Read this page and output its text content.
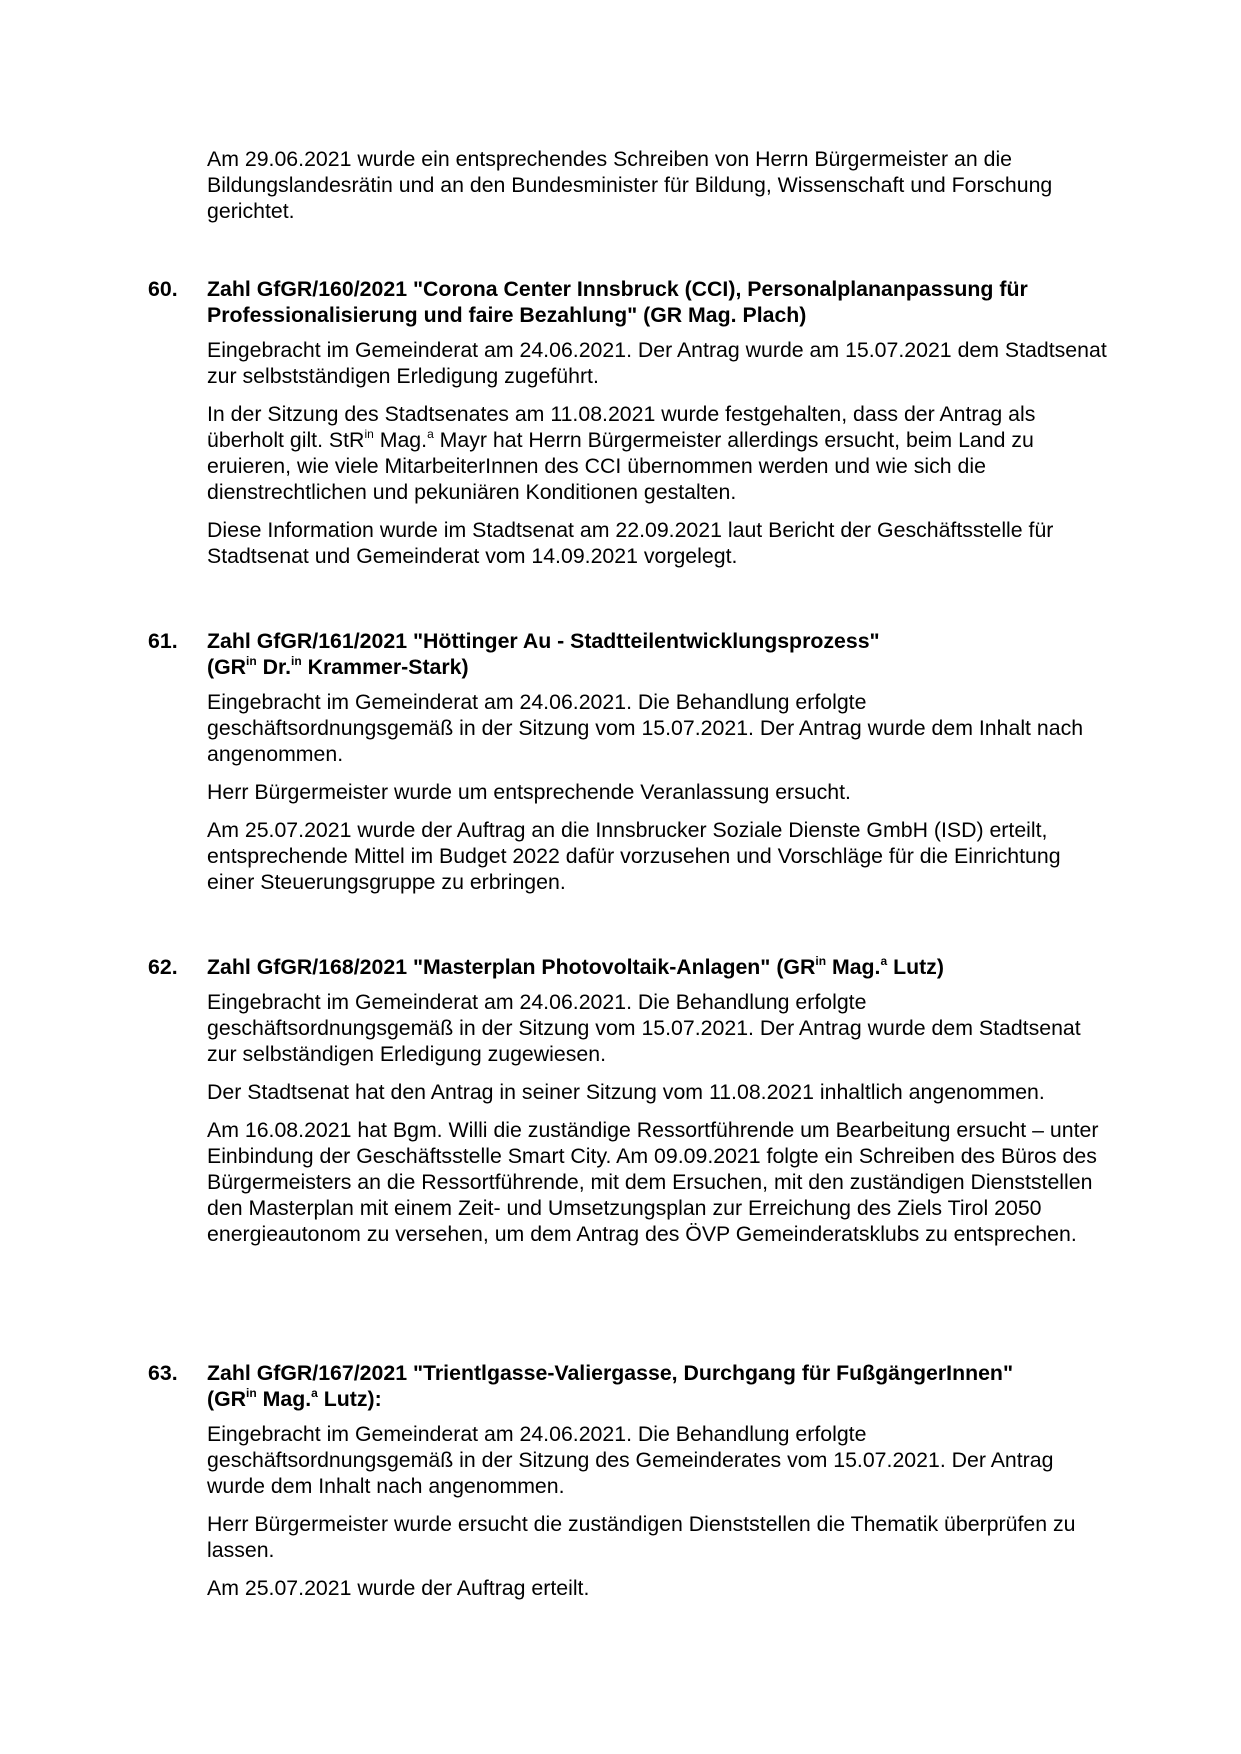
Am 29.06.2021 wurde ein entsprechendes Schreiben von Herrn Bürgermeister an die Bildungslandesrätin und an den Bundesminister für Bildung, Wissenschaft und Forschung gerichtet.

60. Zahl GfGR/160/2021 "Corona Center Innsbruck (CCI), Personalplananpassung für Professionalisierung und faire Bezahlung" (GR Mag. Plach)
Eingebracht im Gemeinderat am 24.06.2021. Der Antrag wurde am 15.07.2021 dem Stadtsenat zur selbstständigen Erledigung zugeführt.
In der Sitzung des Stadtsenates am 11.08.2021 wurde festgehalten, dass der Antrag als überholt gilt. StR$^{in}$ Mag.$^a$ Mayr hat Herrn Bürgermeister allerdings ersucht, beim Land zu eruieren, wie viele MitarbeiterInnen des CCI übernommen werden und wie sich die dienstrechtlichen und pekuniären Konditionen gestalten.
Diese Information wurde im Stadtsenat am 22.09.2021 laut Bericht der Geschäftsstelle für Stadtsenat und Gemeinderat vom 14.09.2021 vorgelegt.
61. Zahl GfGR/161/2021 "Höttinger Au - Stadtteilentwicklungsprozess"
($GR^{in}$ Dr.$^{in}$ Krammer-Stark)
Eingebracht im Gemeinderat am 24.06.2021. Die Behandlung erfolgte geschäftsordnungsgemäß in der Sitzung vom 15.07.2021. Der Antrag wurde dem Inhalt nach angenommen.
Herr Bürgermeister wurde um entsprechende Veranlassung ersucht.
Am 25.07.2021 wurde der Auftrag an die Innsbrucker Soziale Dienste GmbH (ISD) erteilt, entsprechende Mittel im Budget 2022 dafür vorzusehen und Vorschläge für die Einrichtung einer Steuerungsgruppe zu erbringen.
62. Zahl GfGR/168/2021 "Masterplan Photovoltaik-Anlagen" ($GR^{in}$ Mag.$^a$ Lutz)
Eingebracht im Gemeinderat am 24.06.2021. Die Behandlung erfolgte geschäftsordnungsgemäß in der Sitzung vom 15.07.2021. Der Antrag wurde dem Stadtsenat zur selbständigen Erledigung zugewiesen.
Der Stadtsenat hat den Antrag in seiner Sitzung vom 11.08.2021 inhaltlich angenommen.
Am 16.08.2021 hat Bgm. Willi die zuständige Ressortführende um Bearbeitung ersucht – unter Einbindung der Geschäftsstelle Smart City. Am 09.09.2021 folgte ein Schreiben des Büros des Bürgermeisters an die Ressortführende, mit dem Ersuchen, mit den zuständigen Dienststellen den Masterplan mit einem Zeit- und Umsetzungsplan zur Erreichung des Ziels Tirol 2050 energieautonom zu versehen, um dem Antrag des ÖVP Gemeinderatsklubs zu entsprechen.
63. Zahl GfGR/167/2021 "Trientlgasse-Valiergasse, Durchgang für FußgängerInnen"
($GR^{in}$ Mag.$^a$ Lutz):
Eingebracht im Gemeinderat am 24.06.2021. Die Behandlung erfolgte geschäftsordnungsgemäß in der Sitzung des Gemeinderates vom 15.07.2021. Der Antrag wurde dem Inhalt nach angenommen.
Herr Bürgermeister wurde ersucht die zuständigen Dienststellen die Thematik überprüfen zu lassen.
Am 25.07.2021 wurde der Auftrag erteilt.
